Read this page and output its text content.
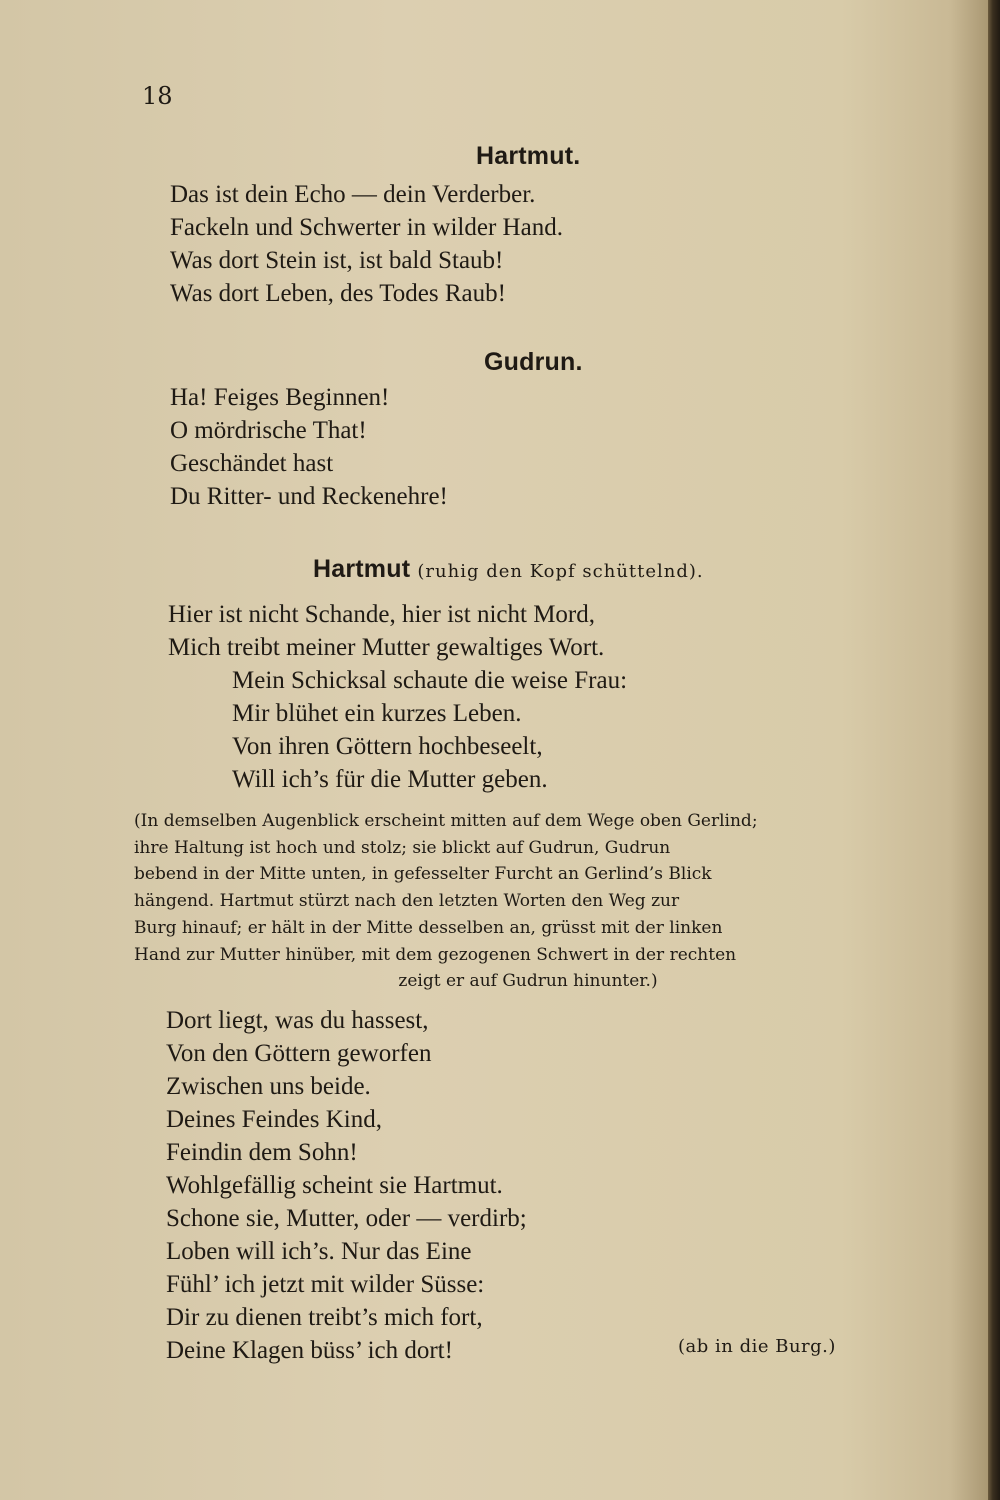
18
Hartmut.
Das ist dein Echo — dein Verderber.
Fackeln und Schwerter in wilder Hand.
Was dort Stein ist, ist bald Staub!
Was dort Leben, des Todes Raub!
Gudrun.
Ha! Feiges Beginnen!
O mördrische That!
Geschändet hast
Du Ritter- und Reckenehre!
Hartmut (ruhig den Kopf schüttelnd).
Hier ist nicht Schande, hier ist nicht Mord,
Mich treibt meiner Mutter gewaltiges Wort.
Mein Schicksal schaute die weise Frau:
Mir blühet ein kurzes Leben.
Von ihren Göttern hochbeseelt,
Will ich’s für die Mutter geben.
(In demselben Augenblick erscheint mitten auf dem Wege oben Gerlind;
ihre Haltung ist hoch und stolz; sie blickt auf Gudrun, Gudrun
bebend in der Mitte unten, in gefesselter Furcht an Gerlind’s Blick
hängend. Hartmut stürzt nach den letzten Worten den Weg zur
Burg hinauf; er hält in der Mitte desselben an, grüsst mit der linken
Hand zur Mutter hinüber, mit dem gezogenen Schwert in der rechten
zeigt er auf Gudrun hinunter.)
Dort liegt, was du hassest,
Von den Göttern geworfen
Zwischen uns beide.
Deines Feindes Kind,
Feindin dem Sohn!
Wohlgefällig scheint sie Hartmut.
Schone sie, Mutter, oder — verdirb;
Loben will ich’s. Nur das Eine
Fühl’ ich jetzt mit wilder Süsse:
Dir zu dienen treibt’s mich fort,
Deine Klagen büss’ ich dort!	(ab in die Burg.)
